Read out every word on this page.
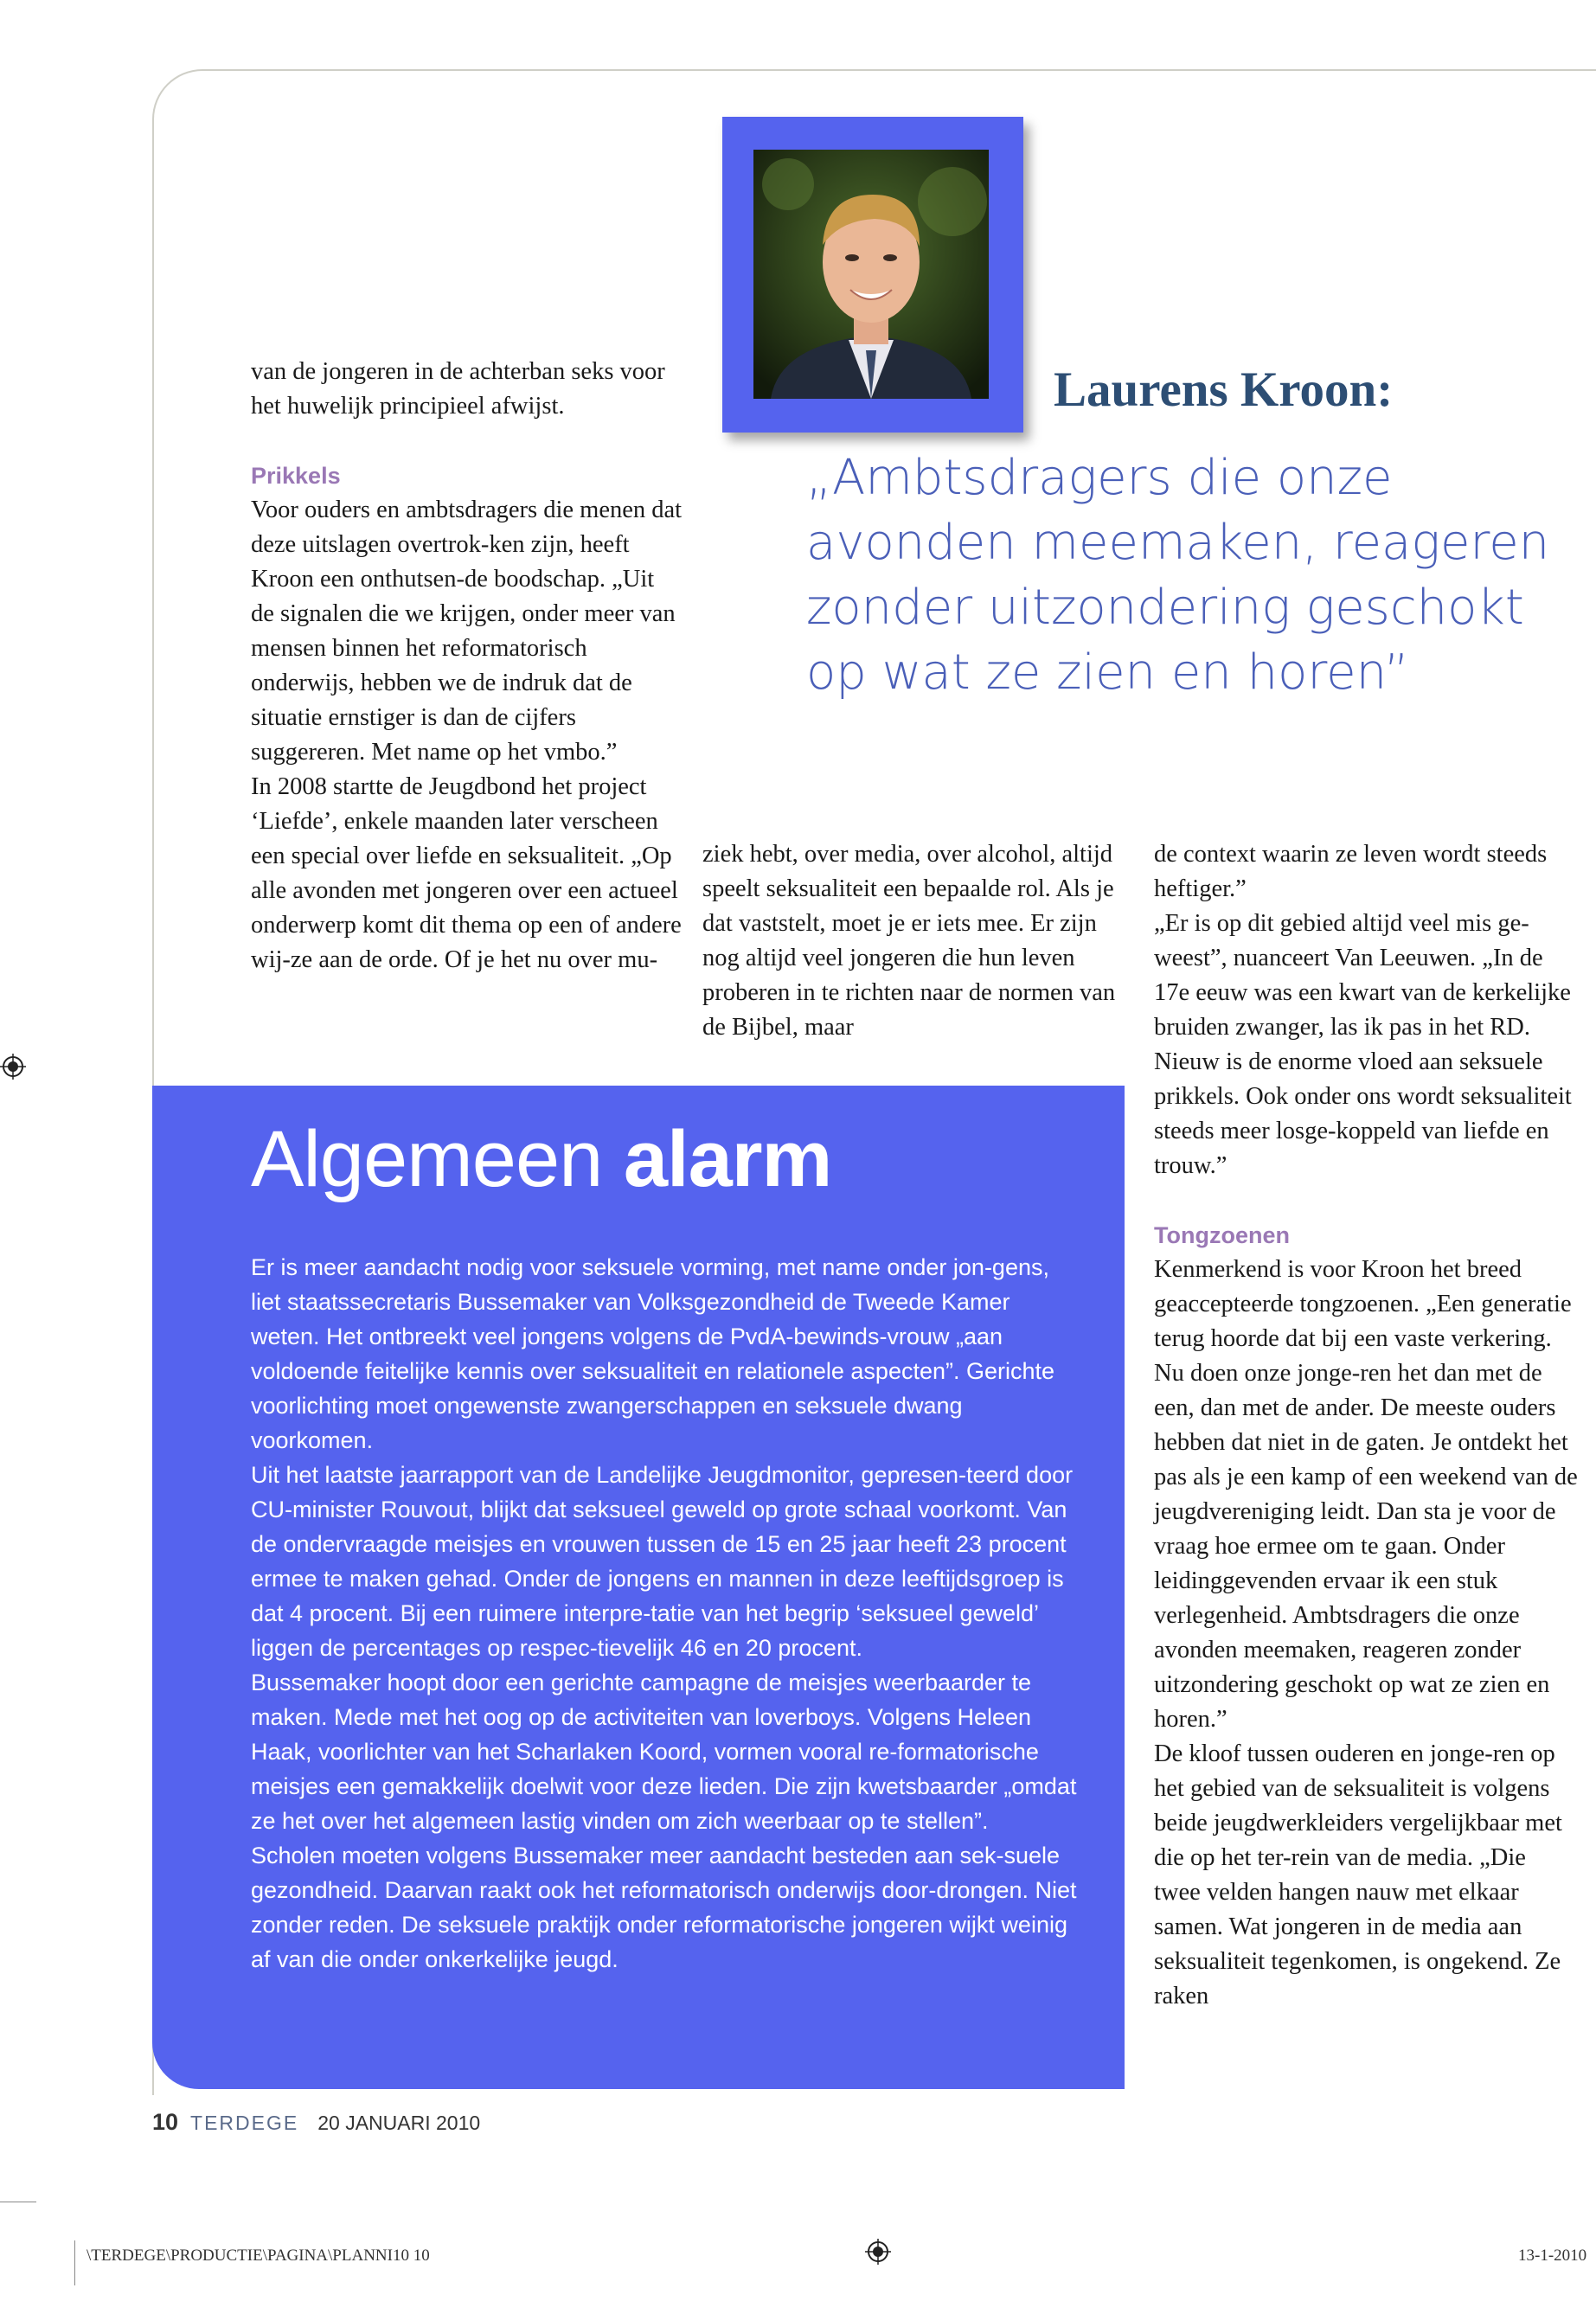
van de jongeren in de achterban seks voor het huwelijk principieel afwijst.

Prikkels

Voor ouders en ambtsdragers die menen dat deze uitslagen overtrok-ken zijn, heeft Kroon een onthutsen-de boodschap. „Uit de signalen die we krijgen, onder meer van mensen binnen het reformatorisch onderwijs, hebben we de indruk dat de situatie ernstiger is dan de cijfers suggereren. Met name op het vmbo.”

In 2008 startte de Jeugdbond het project ‘Liefde’, enkele maanden later verscheen een special over liefde en seksualiteit. „Op alle avonden met jongeren over een actueel onderwerp komt dit thema op een of andere wij-ze aan de orde. Of je het nu over mu-

ziek hebt, over media, over alcohol, altijd speelt seksualiteit een bepaalde rol. Als je dat vaststelt, moet je er iets mee. Er zijn nog altijd veel jongeren die hun leven proberen in te richten naar de normen van de Bijbel, maar

de context waarin ze leven wordt steeds heftiger.”

„Er is op dit gebied altijd veel mis ge-weest”, nuanceert Van Leeuwen. „In de 17e eeuw was een kwart van de kerkelijke bruiden zwanger, las ik pas in het RD. Nieuw is de enorme vloed aan seksuele prikkels. Ook onder ons wordt seksualiteit steeds meer losge-koppeld van liefde en trouw.”

Tongzoenen

Kenmerkend is voor Kroon het breed geaccepteerde tongzoenen. „Een generatie terug hoorde dat bij een vaste verkering. Nu doen onze jonge-ren het dan met de een, dan met de ander. De meeste ouders hebben dat niet in de gaten. Je ontdekt het pas als je een kamp of een weekend van de jeugdvereniging leidt. Dan sta je voor de vraag hoe ermee om te gaan. Onder leidinggevenden ervaar ik een stuk verlegenheid. Ambtsdragers die onze avonden meemaken, reageren zonder uitzondering geschokt op wat ze zien en horen.”

De kloof tussen ouderen en jonge-ren op het gebied van de seksualiteit is volgens beide jeugdwerkleiders vergelijkbaar met die op het ter-rein van de media. „Die twee velden hangen nauw met elkaar samen. Wat jongeren in de media aan seksualiteit tegenkomen, is ongekend. Ze raken

Laurens Kroon:

„Ambtsdragers die onze avonden meemaken, reageren zonder uitzondering geschokt op wat ze zien en horen”

Algemeen alarm

Er is meer aandacht nodig voor seksuele vorming, met name onder jon-gens, liet staatssecretaris Bussemaker van Volksgezondheid de Tweede Kamer weten. Het ontbreekt veel jongens volgens de PvdA-bewinds-vrouw „aan voldoende feitelijke kennis over seksualiteit en relationele aspecten”. Gerichte voorlichting moet ongewenste zwangerschappen en seksuele dwang voorkomen.

Uit het laatste jaarrapport van de Landelijke Jeugdmonitor, gepresen-teerd door CU-minister Rouvout, blijkt dat seksueel geweld op grote schaal voorkomt. Van de ondervraagde meisjes en vrouwen tussen de 15 en 25 jaar heeft 23 procent ermee te maken gehad. Onder de jongens en mannen in deze leeftijdsgroep is dat 4 procent. Bij een ruimere interpre-tatie van het begrip ‘seksueel geweld’ liggen de percentages op respec-tievelijk 46 en 20 procent.

Bussemaker hoopt door een gerichte campagne de meisjes weerbaarder te maken. Mede met het oog op de activiteiten van loverboys. Volgens Heleen Haak, voorlichter van het Scharlaken Koord, vormen vooral re-formatorische meisjes een gemakkelijk doelwit voor deze lieden. Die zijn kwetsbaarder „omdat ze het over het algemeen lastig vinden om zich weerbaar op te stellen”.

Scholen moeten volgens Bussemaker meer aandacht besteden aan sek-suele gezondheid. Daarvan raakt ook het reformatorisch onderwijs door-drongen. Niet zonder reden. De seksuele praktijk onder reformatorische jongeren wijkt weinig af van die onder onkerkelijke jeugd.

10 TERDEGE 20 JANUARI 2010
\TERDEGE\PRODUCTIE\PAGINA\PLANNI10 10	13-1-2010
